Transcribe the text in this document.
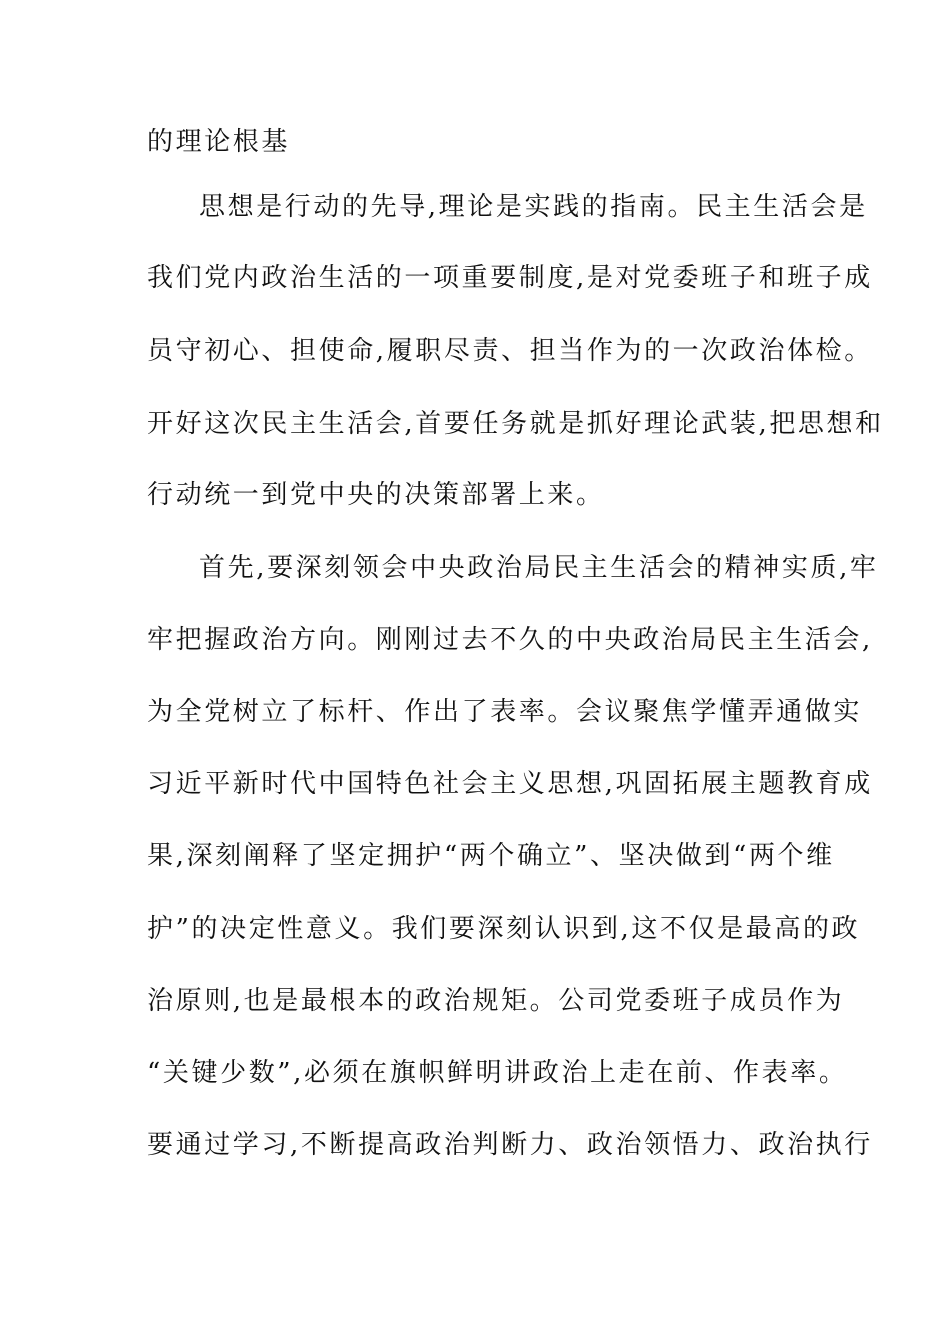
的理论根基
思想是行动的先导,理论是实践的指南。民主生活会是
我们党内政治生活的一项重要制度,是对党委班子和班子成
员守初心、担使命,履职尽责、担当作为的一次政治体检。
开好这次民主生活会,首要任务就是抓好理论武装,把思想和
行动统一到党中央的决策部署上来。
首先,要深刻领会中央政治局民主生活会的精神实质,牢
牢把握政治方向。刚刚过去不久的中央政治局民主生活会,
为全党树立了标杆、作出了表率。会议聚焦学懂弄通做实
习近平新时代中国特色社会主义思想,巩固拓展主题教育成
果,深刻阐释了坚定拥护“两个确立”、坚决做到“两个维
护”的决定性意义。我们要深刻认识到,这不仅是最高的政
治原则,也是最根本的政治规矩。公司党委班子成员作为
“关键少数”,必须在旗帜鲜明讲政治上走在前、作表率。
要通过学习,不断提高政治判断力、政治领悟力、政治执行
